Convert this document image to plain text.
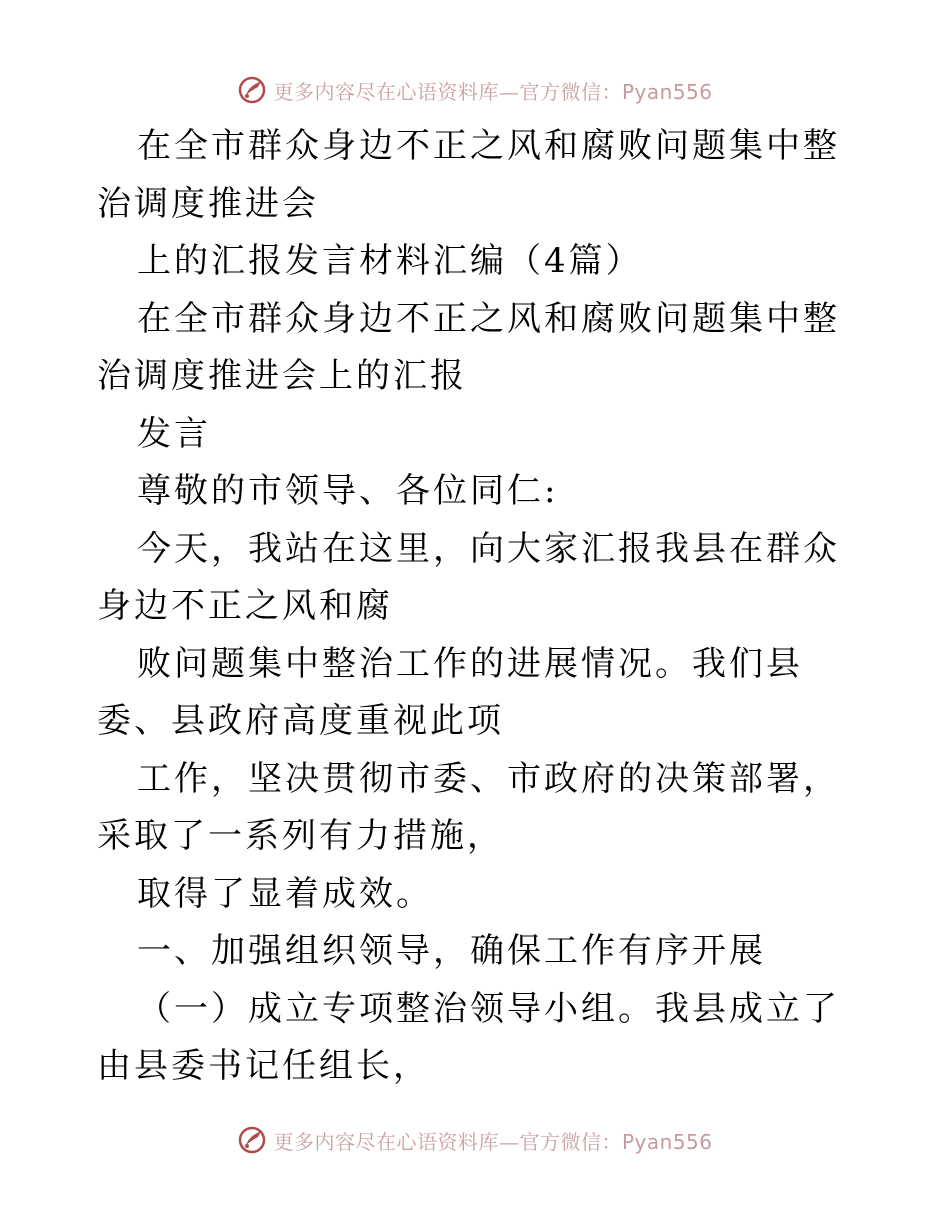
更多内容尽在心语资料库—官方微信：Pyan556

在全市群众身边不正之风和腐败问题集中整治调度推进会

上的汇报发言材料汇编（4篇）

在全市群众身边不正之风和腐败问题集中整治调度推进会上的汇报

发言

尊敬的市领导、各位同仁:

今天，我站在这里，向大家汇报我县在群众身边不正之风和腐

败问题集中整治工作的进展情况。我们县委、县政府高度重视此项

工作，坚决贯彻市委、市政府的决策部署，采取了一系列有力措施，

取得了显着成效。

一、加强组织领导，确保工作有序开展

（一）成立专项整治领导小组。我县成立了由县委书记任组长，

更多内容尽在心语资料库—官方微信：Pyan556
